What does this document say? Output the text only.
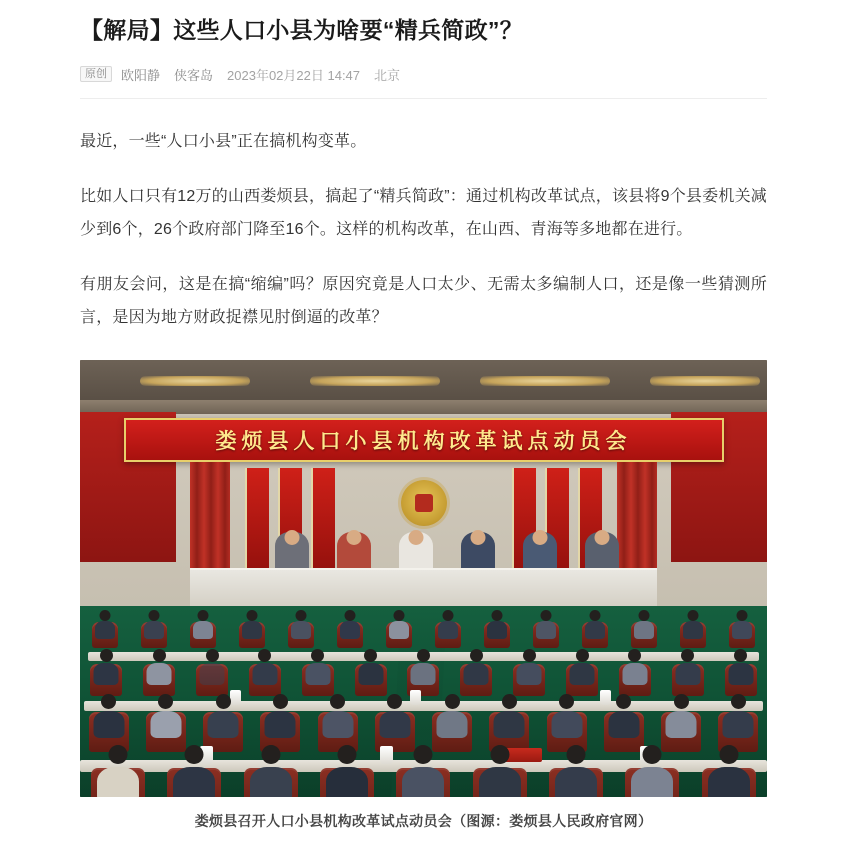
【解局】这些人口小县为啥要“精兵简政”？
原创	欧阳静 侠客岛 2023年02月22日 14:47 北京

最近，一些“人口小县”正在搞机构变革。

比如人口只有12万的山西娄烦县，搞起了“精兵简政”：通过机构改革试点，该县将9个县委机关减少到6个，26个政府部门降至16个。这样的机构改革，在山西、青海等多地都在进行。

有朋友会问，这是在搞“缩编”吗？原因究竟是人口太少、无需太多编制人口，还是像一些猜测所言，是因为地方财政捉襟见肘倒逼的改革？

娄烦县人口小县机构改革试点动员会
娄烦县召开人口小县机构改革试点动员会（图源：娄烦县人民政府官网）
